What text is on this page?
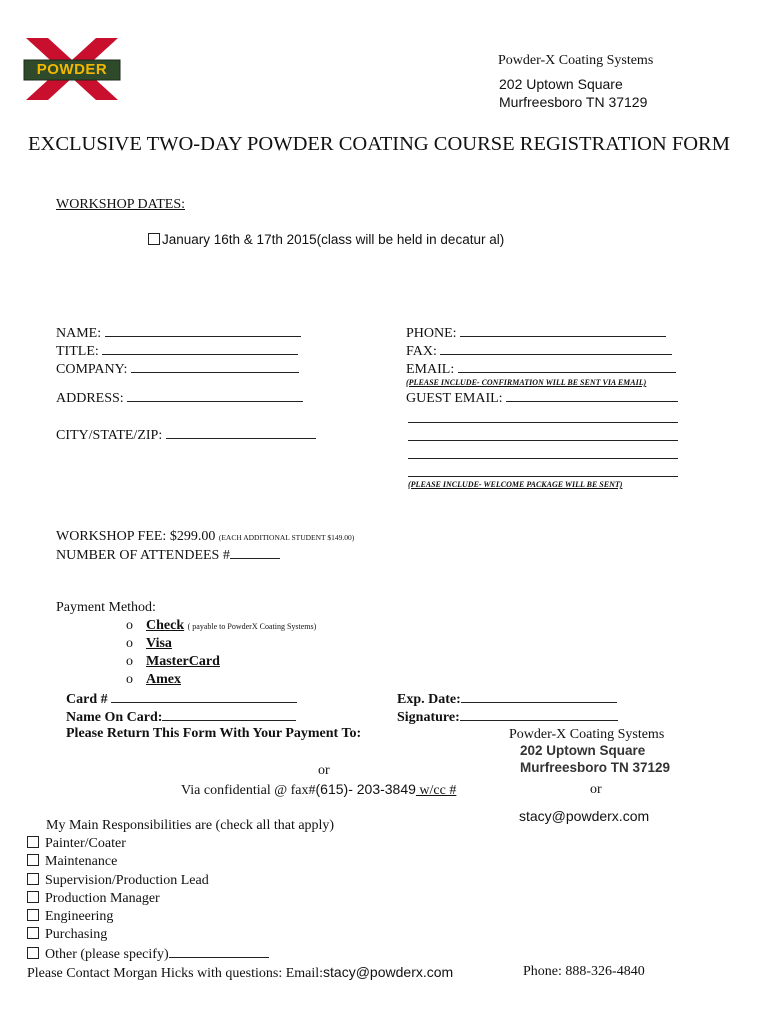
POWDER
Powder-X Coating Systems
202 Uptown Square
Murfreesboro TN 37129
EXCLUSIVE TWO-DAY POWDER COATING COURSE REGISTRATION FORM
WORKSHOP DATES:
January 16th & 17th 2015(class will be held in decatur al)
NAME:
TITLE:
COMPANY:
ADDRESS:
CITY/STATE/ZIP:
PHONE:
FAX:
EMAIL:
(PLEASE INCLUDE- CONFIRMATION WILL BE SENT VIA EMAIL)
GUEST EMAIL:
(PLEASE INCLUDE- WELCOME PACKAGE WILL BE SENT)
WORKSHOP FEE: $299.00 (EACH ADDITIONAL STUDENT $149.00)
NUMBER OF ATTENDEES #
Payment Method:
o Check ( payable to PowderX Coating Systems)
o Visa
o MasterCard
o Amex
Card #	Exp. Date:
Name On Card:	Signature:
Please Return This Form With Your Payment To:
or
Via confidential @ fax#(615)- 203-3849 w/cc #
Powder-X Coating Systems
202 Uptown Square
Murfreesboro TN 37129
or
stacy@powderx.com
My Main Responsibilities are (check all that apply)
Painter/Coater
Maintenance
Supervision/Production Lead
Production Manager
Engineering
Purchasing
Other (please specify)
Please Contact Morgan Hicks with questions: Email:stacy@powderx.com	Phone: 888-326-4840
